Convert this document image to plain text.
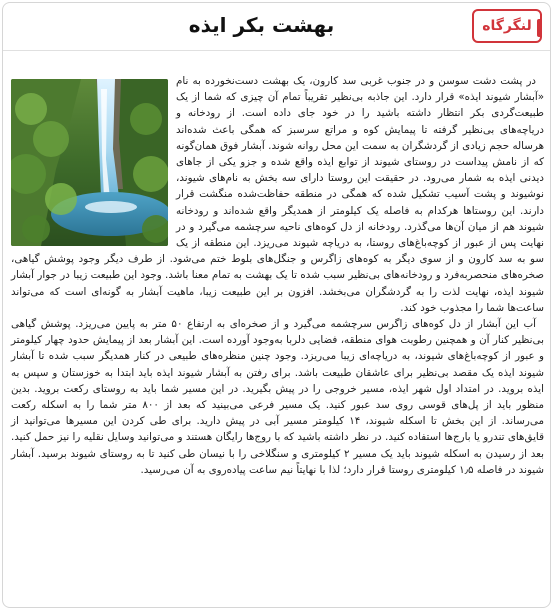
بهشت بکر ایذه	لنگرگاه

در پشت دشت سوسن و در جنوب غربی سد کارون، یک بهشت دست‌نخورده به نام «آبشار شیوند ایذه» قرار دارد. این جاذبه بی‌نظیر تقریباً تمام آن چیزی که شما از یک طبیعت‌گردی بکر انتظار داشته باشید را در خود جای داده است. از رودخانه و دریاچه‌های بی‌نظیر گرفته تا پیمایش کوه و مراتع سرسبز که همگی باعث شده‌اند هرساله حجم زیادی از گردشگران به سمت این محل روانه شوند. آبشار فوق همان‌گونه که از نامش پیداست در روستای شیوند از توابع ایذه واقع شده و جزو یکی از جاهای دیدنی ایذه به شمار می‌رود. در حقیقت این روستا دارای سه بخش به نام‌های شیوند، نوشیوند و پشت آسیب تشکیل شده که همگی در منطقه حفاظت‌شده منگشت قرار دارند. این روستاها هرکدام به فاصله یک کیلومتر از همدیگر واقع شده‌اند و رودخانه شیوند هم از میان آن‌ها می‌گذرد. رودخانه از دل کوه‌های ناحیه سرچشمه می‌گیرد و در نهایت پس از عبور از کوچه‌باغ‌های روستا، به دریاچه شیوند می‌ریزد. این منطقه از یک سو به سد کارون و از سوی دیگر به کوه‌های زاگرس و جنگل‌های بلوط ختم می‌شود. از طرف دیگر وجود پوشش گیاهی، صخره‌های منحصربه‌فرد و رودخانه‌های بی‌نظیر سبب شده تا یک بهشت به تمام معنا باشد. وجود این طبیعت زیبا در جوار آبشار شیوند ایذه، نهایت لذت را به گردشگران می‌بخشد. افزون بر این طبیعت زیبا، ماهیت آبشار به گونه‌ای است که می‌تواند ساعت‌ها شما را مجذوب خود کند.

آب این آبشار از دل کوه‌های زاگرس سرچشمه می‌گیرد و از صخره‌ای به ارتفاع ۵۰ متر به پایین می‌ریزد. پوشش گیاهی بی‌نظیر کنار آن و همچنین رطوبت هوای منطقه، فضایی دلربا به‌وجود آورده است. این آبشار بعد از پیمایش حدود چهار کیلومتر و عبور از کوچه‌باغ‌های شیوند، به دریاچه‌ای زیبا می‌ریزد. وجود چنین منظره‌های طبیعی در کنار همدیگر سبب شده تا آبشار شیوند ایذه یک مقصد بی‌نظیر برای عاشقان طبیعت باشد. برای رفتن به آبشار شیوند ایذه باید ابتدا به خوزستان و سپس به ایذه بروید. در امتداد اول شهر ایذه، مسیر خروجی را در پیش بگیرید. در این مسیر شما باید به روستای رکعت بروید. بدین منظور باید از پل‌های قوسی روی سد عبور کنید. یک مسیر فرعی می‌بینید که بعد از ۸۰۰ متر شما را به اسکله رکعت می‌رساند. از این بخش تا اسکله شیوند، ۱۴ کیلومتر مسیر آبی در پیش دارید. برای طی کردن این مسیرها می‌توانید از قایق‌های تندرو یا بارج‌ها استفاده کنید. در نظر داشته باشید که با روج‌ها رایگان هستند و می‌توانید وسایل نقلیه را نیز حمل کنید. بعد از رسیدن به اسکله شیوند باید یک مسیر ۲ کیلومتری و سنگلاخی را با نیسان طی کنید تا به روستای شیوند برسید. آبشار شیوند در فاصله ۱٫۵ کیلومتری روستا قرار دارد؛ لذا با نهایتاً نیم ساعت پیاده‌روی به آن می‌رسید.
